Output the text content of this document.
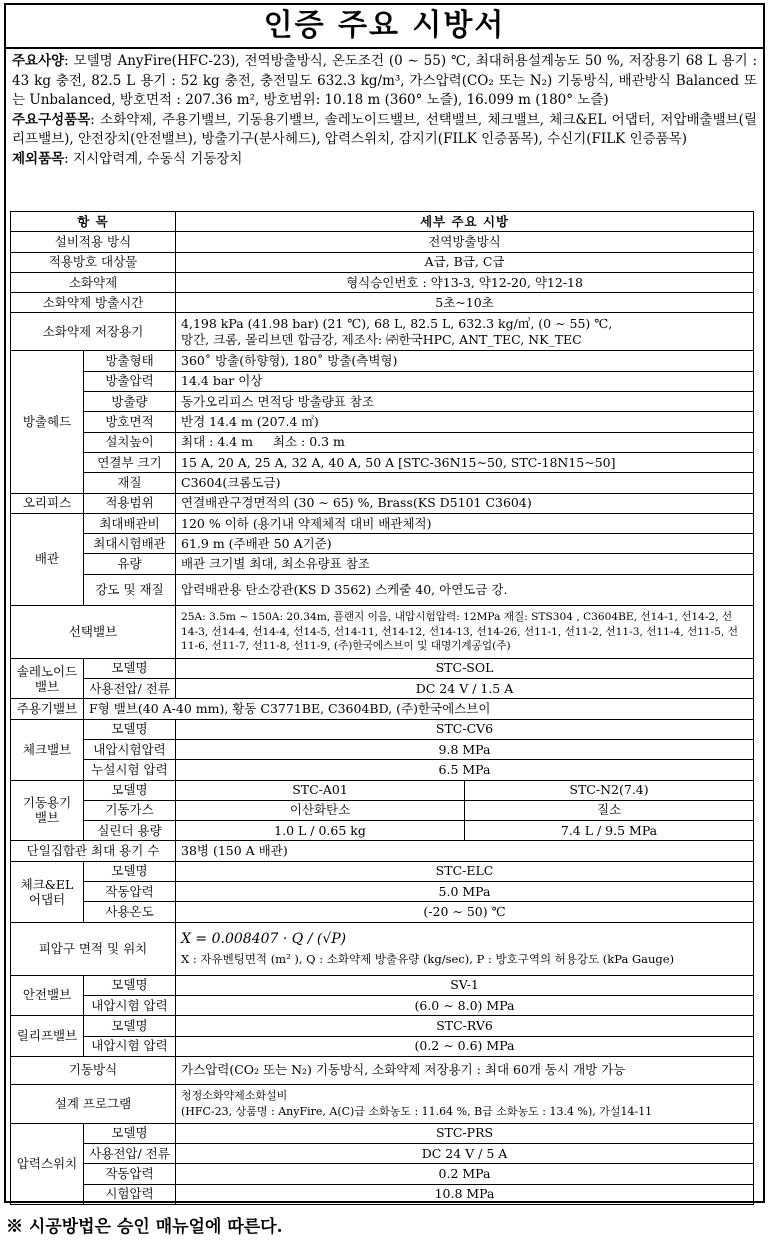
인증 주요 시방서

주요사양: 모델명 AnyFire(HFC-23), 전역방출방식, 온도조건 (0 ∼ 55) ℃, 최대허용설계농도 50 %, 저장용기 68 L 용기 : 43 kg 충전, 82.5 L 용기 : 52 kg 충전, 충전밀도 632.3 kg/m³, 가스압력(CO₂ 또는 N₂) 기동방식, 배관방식 Balanced 또는 Unbalanced, 방호면적 : 207.36 m², 방호범위: 10.18 m (360° 노즐), 16.099 m (180° 노즐)

주요구성품목: 소화약제, 주용기밸브, 기동용기밸브, 솔레노이드밸브, 선택밸브, 체크밸브, 체크&EL 어댑터, 저압배출밸브(릴리프밸브), 안전장치(안전밸브), 방출기구(분사헤드), 압력스위치, 감지기(FILK 인증품목), 수신기(FILK 인증품목)

제외품목: 지시압력계, 수동식 기동장치

항 목		세부 주요 시방	
설비적용 방식		전역방출방식	
적용방호 대상물		A급, B급, C급	
소화약제		형식승인번호 : 약13-3, 약12-20, 약12-18	
소화약제 방출시간		5초~10초	
소화약제 저장용기		4,198 kPa (41.98 bar) (21 ℃), 68 L, 82.5 L, 632.3 kg/㎥, (0 ∼ 55) ℃,
망간, 크롬, 몰리브덴 합금강, 제조사: ㈜한국HPC, ANT_TEC, NK_TEC	

방출헤드	방출형태	360˚ 방출(하향형), 180˚ 방출(측벽형)	
	방출압력	14.4 bar 이상	
	방출량	동가오리피스 면적당 방출량표 참조	
	방호면적	반경 14.4 m (207.4 ㎡)	
	설치높이	최대 : 4.4 m     최소 : 0.3 m	
	연결부 크기	15 A, 20 A, 25 A, 32 A, 40 A, 50 A [STC-36N15∼50, STC-18N15∼50]	
	재질	C3604(크롬도금)	
오리피스	적용범위	연결배관구경면적의 (30 ∼ 65) %, Brass(KS D5101 C3604)	
배관	최대배관비	120 % 이하 (용기내 약제체적 대비 배관체적)	
	최대시험배관	61.9 m (주배관 50 A기준)	
	유량	배관 크기별 최대, 최소유량표 참조	
	강도 및 재질	압력배관용 탄소강관(KS D 3562) 스케줄 40, 아연도금 강.	
선택밸브		25A: 3.5m ~ 150A: 20.34m, 플랜지 이음, 내압시험압력: 12MPa 재질: STS304 , C3604BE, 선14-1, 선14-2, 선14-3, 선14-4, 선14-4, 선14-5, 선14-11, 선14-12, 선14-13, 선14-26, 선11-1, 선11-2, 선11-3, 선11-4, 선11-5, 선11-6, 선11-7, 선11-8, 선11-9, (주)한국에스브이 및 대명기계공업(주)	
솔레노이드 밸브	모델명	STC-SOL	
	사용전압/ 전류	DC 24 V / 1.5 A	
주용기밸브	F형 밸브(40 A-40 mm), 황동 C3771BE, C3604BD, (주)한국에스브이		
체크밸브	모델명	STC-CV6	
	내압시험압력	9.8 MPa	
	누설시험 압력	6.5 MPa	
기동용기 밸브	모델명	STC-A01	STC-N2(7.4)
	기동가스	이산화탄소	질소
	실린더 용량	1.0 L / 0.65 kg	7.4 L / 9.5 MPa
단일집합관 최대 용기 수		38병 (150 A 배관)	
체크&EL 어댑터	모델명	STC-ELC	
	작동압력	5.0 MPa	
	사용온도	(-20 ∼ 50) ℃	
피압구 면적 및 위치		X = 0.008407 · Q / (√P)
X : 자유벤팅면적 (m² ), Q : 소화약제 방출유량 (kg/sec), P : 방호구역의 허용강도 (kPa Gauge)	
안전밸브	모델명	SV-1	
	내압시험 압력	(6.0 ∼ 8.0) MPa	
릴리프밸브	모델명	STC-RV6	
	내압시험 압력	(0.2 ∼ 0.6) MPa	
기동방식		가스압력(CO₂ 또는 N₂) 기동방식, 소화약제 저장용기 : 최대 60개 동시 개방 가능	
설계 프로그램		청정소화약제소화설비
(HFC-23, 상품명 : AnyFire, A(C)급 소화농도 : 11.64 %, B급 소화농도 : 13.4 %), 가설14-11	

압력스위치	모델명	STC-PRS	
	사용전압/ 전류	DC 24 V / 5 A	
	작동압력	0.2 MPa	
	시험압력	10.8 MPa	
※ 시공방법은 승인 매뉴얼에 따른다.
